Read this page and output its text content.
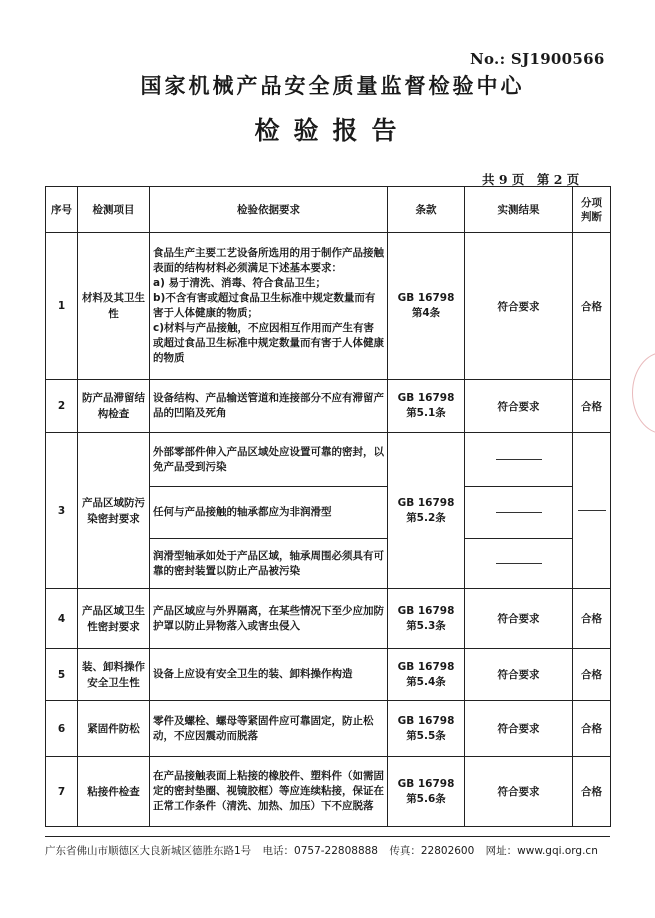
No.: SJ1900566
国家机械产品安全质量监督检验中心
检验报告
共 9 页　第 2 页
序号	检测项目	检验依据要求	条款	实测结果	分项判断
1	材料及其卫生性	食品生产主要工艺设备所选用的用于制作产品接触表面的结构材料必须满足下述基本要求：
a) 易于清洗、消毒、符合食品卫生；
b)不含有害或超过食品卫生标准中规定数量而有害于人体健康的物质；
c)材料与产品接触，不应因相互作用而产生有害或超过食品卫生标准中规定数量而有害于人体健康的物质	GB 16798
第4条	符合要求	合格
2	防产品滞留结构检查	设备结构、产品输送管道和连接部分不应有滞留产品的凹陷及死角	GB 16798
第5.1条	符合要求	合格
3	产品区域防污染密封要求	外部零部件伸入产品区域处应设置可靠的密封，以免产品受到污染	GB 16798
第5.2条		
		任何与产品接触的轴承都应为非润滑型			
		润滑型轴承如处于产品区域，轴承周围必须具有可靠的密封装置以防止产品被污染			
4	产品区域卫生性密封要求	产品区域应与外界隔离，在某些情况下至少应加防护罩以防止异物落入或害虫侵入	GB 16798
第5.3条	符合要求	合格
5	装、卸料操作安全卫生性	设备上应设有安全卫生的装、卸料操作构造	GB 16798
第5.4条	符合要求	合格
6	紧固件防松	零件及螺栓、螺母等紧固件应可靠固定，防止松动，不应因震动而脱落	GB 16798
第5.5条	符合要求	合格
7	粘接件检查	在产品接触表面上粘接的橡胶件、塑料件（如需固定的密封垫圈、视镜胶框）等应连续粘接，保证在正常工作条件（清洗、加热、加压）下不应脱落	GB 16798
第5.6条	符合要求	合格
广东省佛山市顺德区大良新城区德胜东路1号 电话：0757-22808888 传真：22802600 网址：www.gqi.org.cn
